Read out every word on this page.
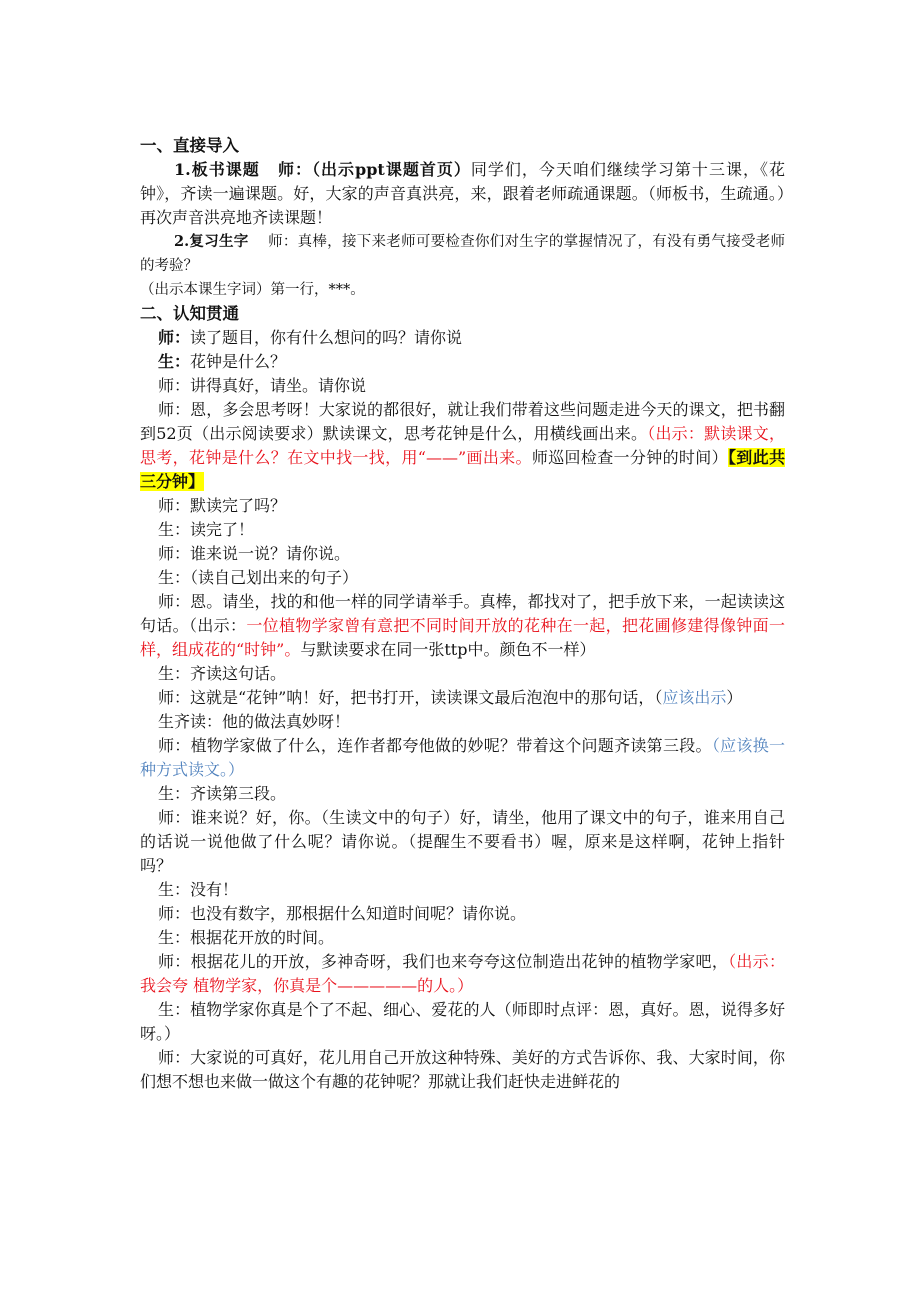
一、直接导入
1.板书课题 师：（出示ppt课题首页）同学们，今天咱们继续学习第十三课，《花钟》，齐读一遍课题。好，大家的声音真洪亮，来，跟着老师疏通课题。（师板书，生疏通。）再次声音洪亮地齐读课题！
2.复习生字 师：真棒，接下来老师可要检查你们对生字的掌握情况了，有没有勇气接受老师的考验？
（出示本课生字词）第一行，***。
二、认知贯通
师：读了题目，你有什么想问的吗？请你说
生：花钟是什么？
师：讲得真好，请坐。请你说
师：恩，多会思考呀！大家说的都很好，就让我们带着这些问题走进今天的课文，把书翻到52页（出示阅读要求）默读课文，思考花钟是什么，用横线画出来。（出示：默读课文，思考，花钟是什么？在文中找一找，用“——”画出来。师巡回检查一分钟的时间）【到此共三分钟】
师：默读完了吗？
生：读完了！
师：谁来说一说？请你说。
生：（读自己划出来的句子）
师：恩。请坐，找的和他一样的同学请举手。真棒，都找对了，把手放下来，一起读读这句话。（出示：一位植物学家曾有意把不同时间开放的花种在一起，把花圃修建得像钟面一样，组成花的“时钟”。与默读要求在同一张ttp中。颜色不一样）
生：齐读这句话。
师：这就是“花钟”呐！好，把书打开，读读课文最后泡泡中的那句话，（应该出示）
生齐读：他的做法真妙呀！
师：植物学家做了什么，连作者都夸他做的妙呢？带着这个问题齐读第三段。（应该换一种方式读文。）
生：齐读第三段。
师：谁来说？好，你。（生读文中的句子）好，请坐，他用了课文中的句子，谁来用自己的话说一说他做了什么呢？请你说。（提醒生不要看书）喔，原来是这样啊，花钟上指针吗？
生：没有！
师：也没有数字，那根据什么知道时间呢？请你说。
生：根据花开放的时间。
师：根据花儿的开放，多神奇呀，我们也来夸夸这位制造出花钟的植物学家吧，（出示：我会夸 植物学家，你真是个—————的人。）
生：植物学家你真是个了不起、细心、爱花的人（师即时点评：恩，真好。恩，说得多好呀。）
师：大家说的可真好，花儿用自己开放这种特殊、美好的方式告诉你、我、大家时间，你们想不想也来做一做这个有趣的花钟呢？那就让我们赶快走进鲜花的
